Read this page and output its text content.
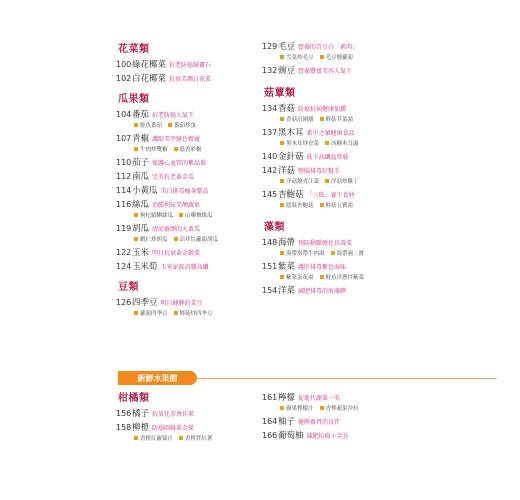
花菜類
100 綠花椰菜 抗老防癌綠寶石
102 白花椰菜 抗衰美顏白花菜
瓜果類
104 番茄 抗老防癌人氣王
鮭魚番茄 番茄炒蛋
107 青椒 護眼美甲綠色精靈
牛肉炒雙椒 蔭香彩椒
110 茄子 保護心血管的紫晶果
112 南瓜 完美抗老黃金瓜
114 小黃瓜 美白排毒瘦身聖品
116 絲瓜 消腫利尿美顏蔬果
枸杞蛤蜊絲瓜 山藥燴絲瓜
119 胡瓜 清涼養顏的大黃瓜
蝦仁炒胡瓜 涼拌紅蘿蔔胡瓜
122 玉米 明目抗衰黃金穀菜
124 玉米筍 玉米家族消腫高纖
豆類
126 四季豆 明目健脾的菜豆
蘿蔔四季豆 鮮菇炒四季豆
129 毛豆 營養的青豆白「素肉」
雪菜炒毛豆 毛豆燴蘿蔔
132 豌豆 營養豐富美容人氣王
菇蕈類
134 香菇 防癌抗病健康仙種
香菇田園燉 鮮菇芥菜湯
137 黑木耳 素中之葷健康食品
黑木耳炒青菜 冰糖木耳露
140 金針菇 低卡高纖益智菇
142 洋菇 整腸排毒好幫手
洋菇燴青江菜 洋菇炒雞丁
145 杏鮑菇 「三低」養生食材
蔭鼓杏鮑菇 鮮菇五寶湯
藻類
148 海帶 預防動脈硬化長壽菜
海帶海帶牛肉湯 海帶滷二寶
151 紫菜 護肝排毒紫色海味
紫菜蛋花湯 鮭魚洋蔥拌紫菜
154 洋菜 減肥排毒的海藻膠
新鮮水果館
柑橘類
156 橘子 抗氧化芳香佳果
158 柳橙 防癌圓綠黃金果
香橙紅蘿蔔汁 香橙拌紅薯
161 檸檬 促進代謝第一名
蘋果檸檬汁 香檸蘋果沙拉
164 柚子 健脾養胃的良伴
166 葡萄柚 減肥抗癌小尖兵
